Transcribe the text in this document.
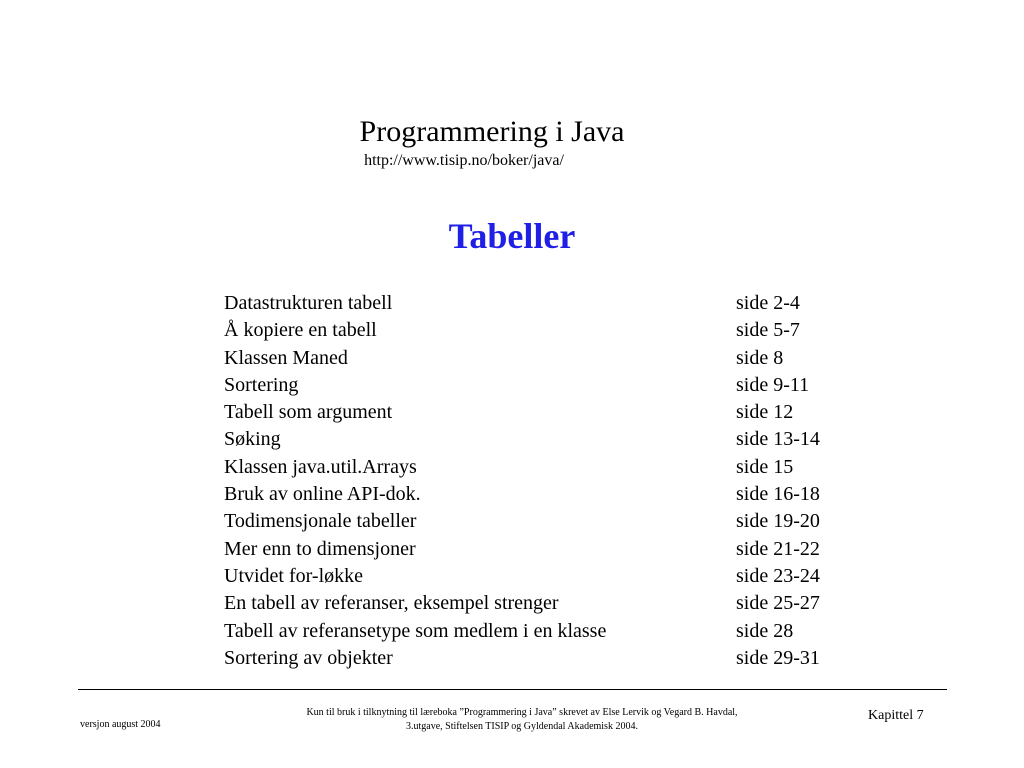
Programmering i Java
http://www.tisip.no/boker/java/
Tabeller
Datastrukturen tabell	side 2-4
Å kopiere en tabell	side 5-7
Klassen Maned	side 8
Sortering	side 9-11
Tabell som argument	side 12
Søking	side 13-14
Klassen java.util.Arrays	side 15
Bruk av online API-dok.	side 16-18
Todimensjonale tabeller	side 19-20
Mer enn to dimensjoner	side 21-22
Utvidet for-løkke	side 23-24
En tabell av referanser, eksempel strenger	side 25-27
Tabell av referansetype som medlem i en klasse	side 28
Sortering av objekter	side 29-31
versjon august 2004
Kun til bruk i tilknytning til læreboka ”Programmering i Java” skrevet av Else Lervik og Vegard B. Havdal,
3.utgave, Stiftelsen TISIP og Gyldendal Akademisk 2004.
Kapittel 7
